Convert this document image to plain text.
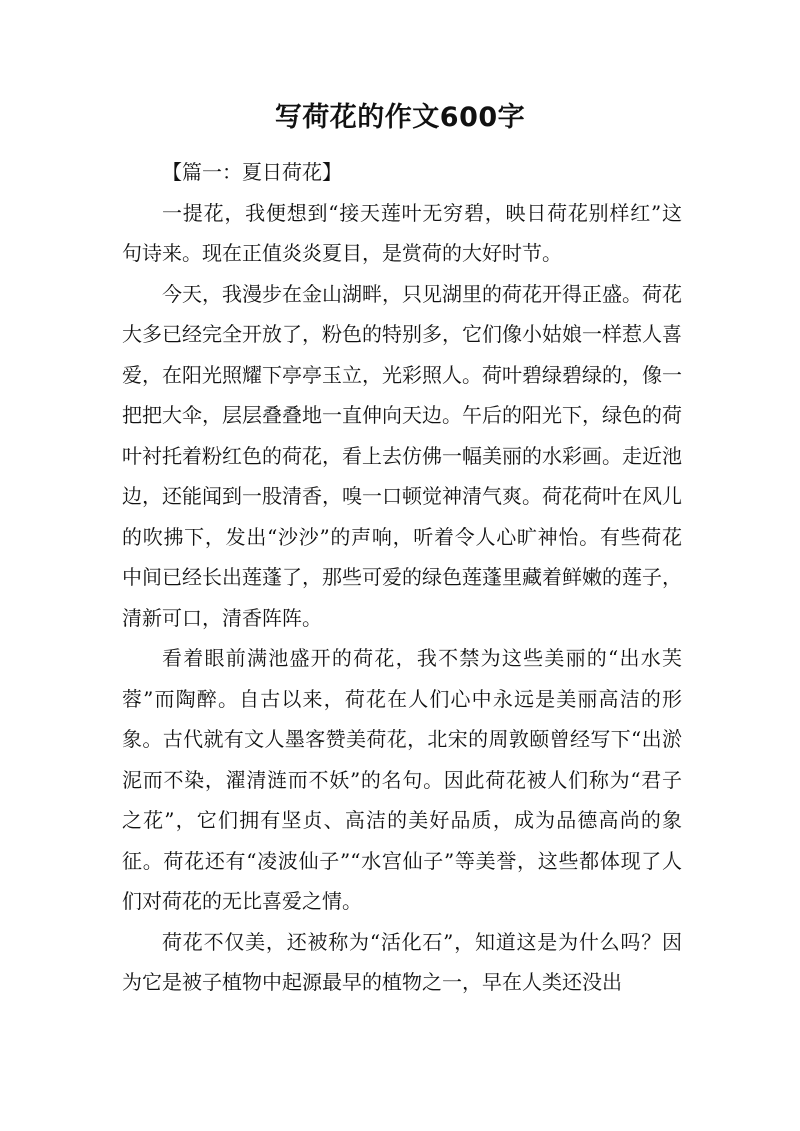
写荷花的作文600字

【篇一：夏日荷花】

一提花，我便想到“接天莲叶无穷碧，映日荷花别样红”这句诗来。现在正值炎炎夏目，是赏荷的大好时节。

今天，我漫步在金山湖畔，只见湖里的荷花开得正盛。荷花大多已经完全开放了，粉色的特别多，它们像小姑娘一样惹人喜爱，在阳光照耀下亭亭玉立，光彩照人。荷叶碧绿碧绿的，像一把把大伞，层层叠叠地一直伸向天边。午后的阳光下，绿色的荷叶衬托着粉红色的荷花，看上去仿佛一幅美丽的水彩画。走近池边，还能闻到一股清香，嗅一口顿觉神清气爽。荷花荷叶在风儿的吹拂下，发出“沙沙”的声响，听着令人心旷神怡。有些荷花中间已经长出莲蓬了，那些可爱的绿色莲蓬里藏着鲜嫩的莲子，清新可口，清香阵阵。

看着眼前满池盛开的荷花，我不禁为这些美丽的“出水芙蓉”而陶醉。自古以来，荷花在人们心中永远是美丽高洁的形象。古代就有文人墨客赞美荷花，北宋的周敦颐曾经写下“出淤泥而不染，濯清涟而不妖”的名句。因此荷花被人们称为“君子之花”，它们拥有坚贞、高洁的美好品质，成为品德高尚的象征。荷花还有“凌波仙子”“水宫仙子”等美誉，这些都体现了人们对荷花的无比喜爱之情。

荷花不仅美，还被称为“活化石”，知道这是为什么吗？因为它是被子植物中起源最早的植物之一，早在人类还没出
